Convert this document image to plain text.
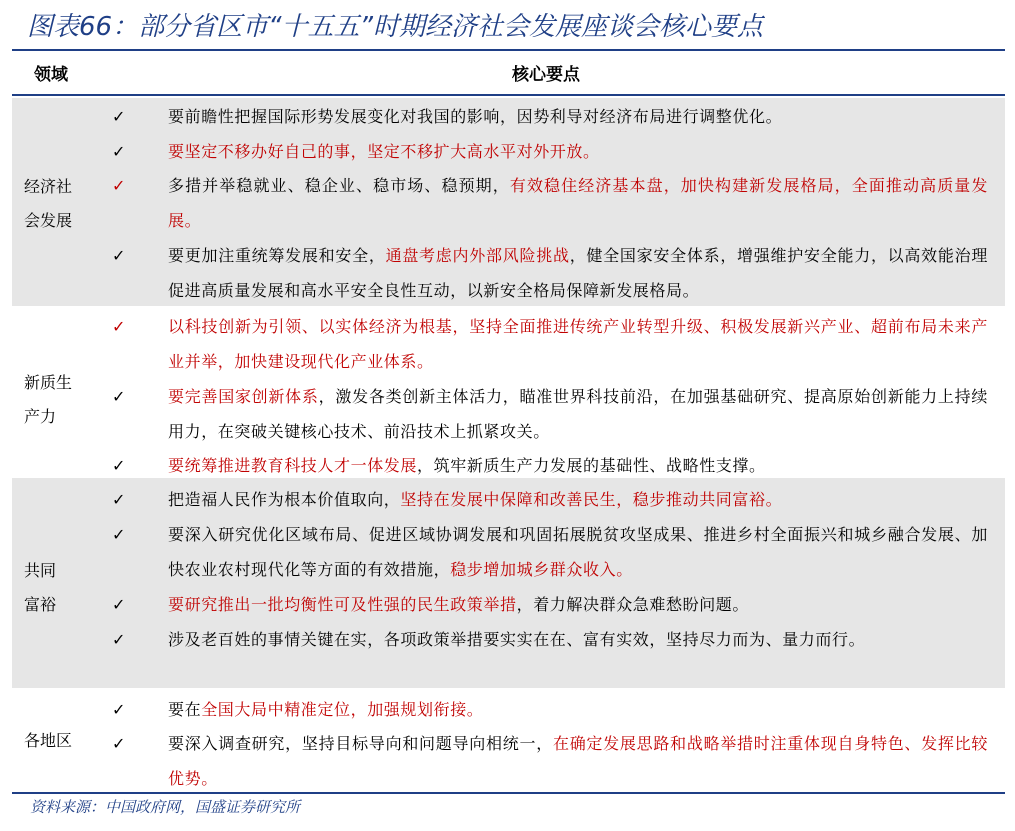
图表66：部分省区市“十五五”时期经济社会发展座谈会核心要点
领域	核心要点
经济社
会发展
✓	要前瞻性把握国际形势发展变化对我国的影响，因势利导对经济布局进行调整优化。
✓	要坚定不移办好自己的事，坚定不移扩大高水平对外开放。
✓	多措并举稳就业、稳企业、稳市场、稳预期，有效稳住经济基本盘，加快构建新发展格局，全面推动高质量发展。
✓	要更加注重统筹发展和安全，通盘考虑内外部风险挑战，健全国家安全体系，增强维护安全能力，以高效能治理促进高质量发展和高水平安全良性互动，以新安全格局保障新发展格局。
新质生
产力
✓	以科技创新为引领、以实体经济为根基，坚持全面推进传统产业转型升级、积极发展新兴产业、超前布局未来产业并举，加快建设现代化产业体系。
✓	要完善国家创新体系，激发各类创新主体活力，瞄准世界科技前沿，在加强基础研究、提高原始创新能力上持续用力，在突破关键核心技术、前沿技术上抓紧攻关。
✓	要统筹推进教育科技人才一体发展，筑牢新质生产力发展的基础性、战略性支撑。
共同
富裕
✓	把造福人民作为根本价值取向，坚持在发展中保障和改善民生，稳步推动共同富裕。
✓	要深入研究优化区域布局、促进区域协调发展和巩固拓展脱贫攻坚成果、推进乡村全面振兴和城乡融合发展、加快农业农村现代化等方面的有效措施，稳步增加城乡群众收入。
✓	要研究推出一批均衡性可及性强的民生政策举措，着力解决群众急难愁盼问题。
✓	涉及老百姓的事情关键在实，各项政策举措要实实在在、富有实效，坚持尽力而为、量力而行。
各地区
✓	要在全国大局中精准定位，加强规划衔接。
✓	要深入调查研究，坚持目标导向和问题导向相统一，在确定发展思路和战略举措时注重体现自身特色、发挥比较优势。
资料来源：中国政府网，国盛证券研究所
